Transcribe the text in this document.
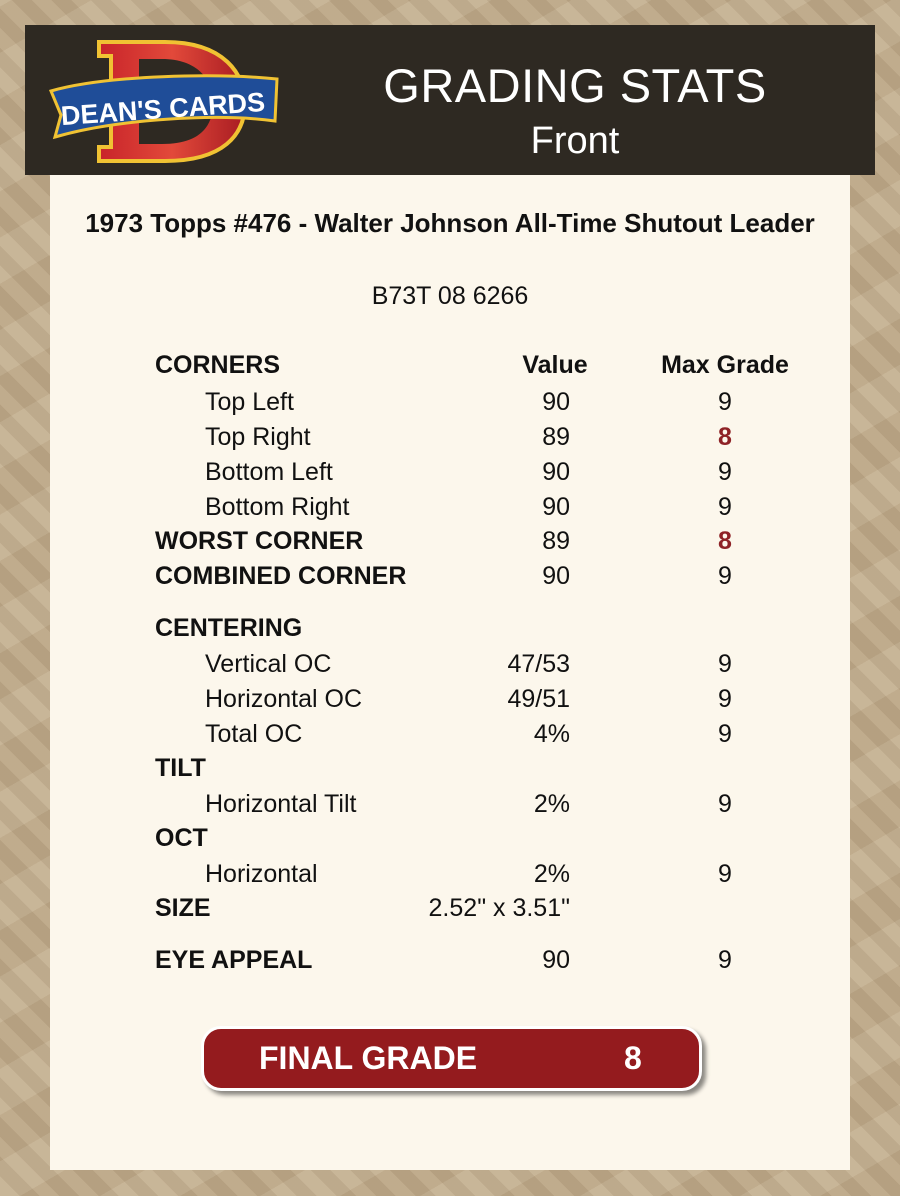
DEAN'S CARDS	GRADING STATS
Front
1973 Topps #476 - Walter Johnson All-Time Shutout Leader
B73T 08 6266
CORNERS	Value	Max Grade
Top Left	90	9
Top Right	89	8
Bottom Left	90	9
Bottom Right	90	9
WORST CORNER	89	8
COMBINED CORNER	90	9
CENTERING
Vertical OC	47/53	9
Horizontal OC	49/51	9
Total OC	4%	9
TILT
Horizontal Tilt	2%	9
OCT
Horizontal	2%	9
SIZE	2.52" x 3.51"
EYE APPEAL	90	9
FINAL GRADE	8
